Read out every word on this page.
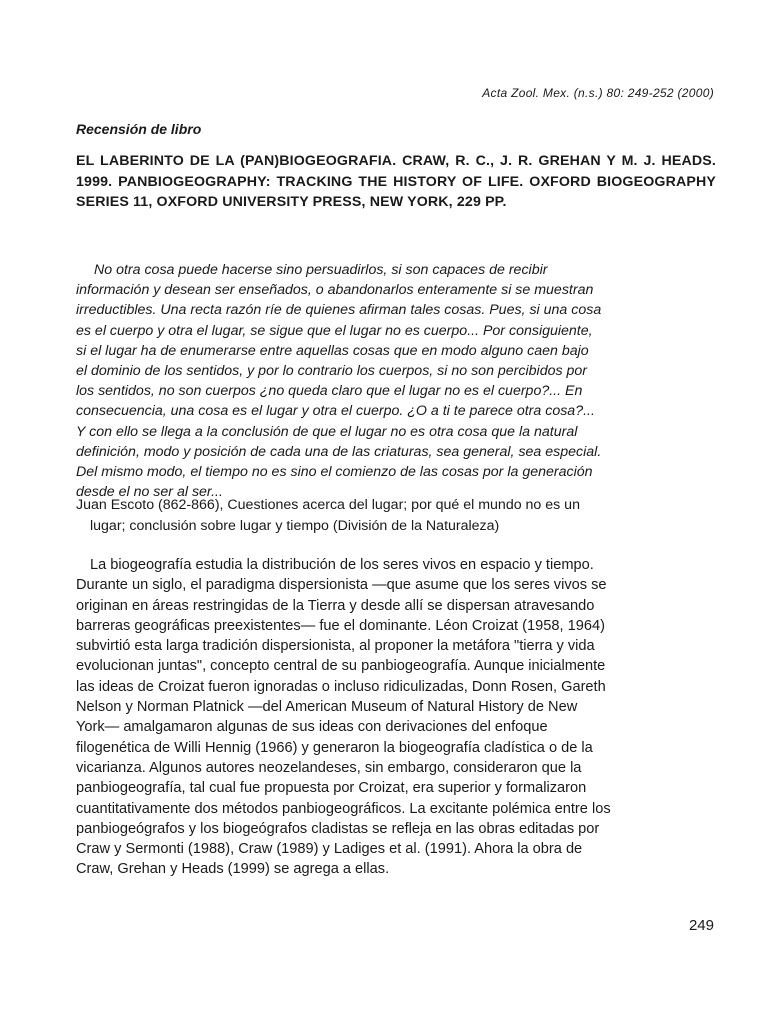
Acta Zool. Mex. (n.s.) 80: 249-252 (2000)
Recensión de libro
EL LABERINTO DE LA (PAN)BIOGEOGRAFIA. CRAW, R. C., J. R. GREHAN Y M. J. HEADS. 1999. PANBIOGEOGRAPHY: TRACKING THE HISTORY OF LIFE. OXFORD BIOGEOGRAPHY SERIES 11, OXFORD UNIVERSITY PRESS, NEW YORK, 229 PP.
No otra cosa puede hacerse sino persuadirlos, si son capaces de recibir
información y desean ser enseñados, o abandonarlos enteramente si se muestran
irreductibles. Una recta razón ríe de quienes afirman tales cosas. Pues, si una cosa
es el cuerpo y otra el lugar, se sigue que el lugar no es cuerpo... Por consiguiente,
si el lugar ha de enumerarse entre aquellas cosas que en modo alguno caen bajo
el dominio de los sentidos, y por lo contrario los cuerpos, si no son percibidos por
los sentidos, no son cuerpos ¿no queda claro que el lugar no es el cuerpo?... En
consecuencia, una cosa es el lugar y otra el cuerpo. ¿O a ti te parece otra cosa?...
Y con ello se llega a la conclusión de que el lugar no es otra cosa que la natural
definición, modo y posición de cada una de las criaturas, sea general, sea especial.
Del mismo modo, el tiempo no es sino el comienzo de las cosas por la generación
desde el no ser al ser...
Juan Escoto (862-866), Cuestiones acerca del lugar; por qué el mundo no es un
lugar; conclusión sobre lugar y tiempo (División de la Naturaleza)
La biogeografía estudia la distribución de los seres vivos en espacio y tiempo.
Durante un siglo, el paradigma dispersionista —que asume que los seres vivos se
originan en áreas restringidas de la Tierra y desde allí se dispersan atravesando
barreras geográficas preexistentes— fue el dominante. Léon Croizat (1958, 1964)
subvirtió esta larga tradición dispersionista, al proponer la metáfora "tierra y vida
evolucionan juntas", concepto central de su panbiogeografía. Aunque inicialmente
las ideas de Croizat fueron ignoradas o incluso ridiculizadas, Donn Rosen, Gareth
Nelson y Norman Platnick —del American Museum of Natural History de New
York— amalgamaron algunas de sus ideas con derivaciones del enfoque
filogenética de Willi Hennig (1966) y generaron la biogeografía cladística o de la
vicarianza. Algunos autores neozelandeses, sin embargo, consideraron que la
panbiogeografía, tal cual fue propuesta por Croizat, era superior y formalizaron
cuantitativamente dos métodos panbiogeográficos. La excitante polémica entre los
panbiogeógrafos y los biogeógrafos cladistas se refleja en las obras editadas por
Craw y Sermonti (1988), Craw (1989) y Ladiges et al. (1991). Ahora la obra de
Craw, Grehan y Heads (1999) se agrega a ellas.
249
